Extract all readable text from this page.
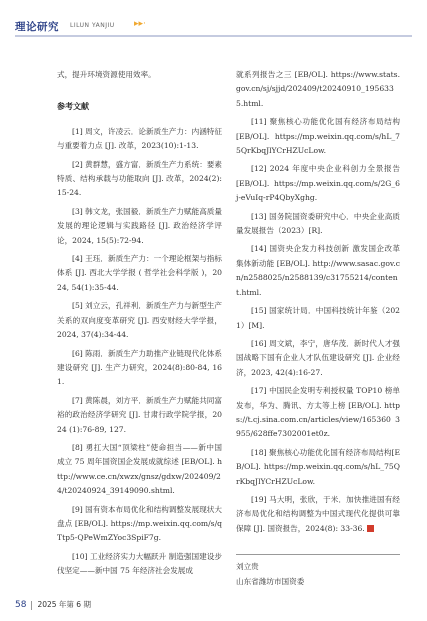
理论研究 LILUN YANJIU ▸▸·

式，提升环境资源使用效率。

参考文献

[1] 周文，许凌云．论新质生产力：内涵特征与重要着力点 [J]. 改革，2023(10):1-13.

[2] 黄群慧，盛方富．新质生产力系统：要素特质、结构承载与功能取向 [J]. 改革，2024(2):15-24.

[3] 韩文龙，张国毅．新质生产力赋能高质量发展的理论逻辑与实践路径 [J]. 政治经济学评论，2024, 15(5):72-94.

[4] 王珏．新质生产力：一个理论框架与指标体系 [J]. 西北大学学报 ( 哲学社会科学版 )，2024, 54(1):35-44.

[5] 刘立云，孔祥利．新质生产力与新型生产关系的双向度变革研究 [J]. 西安财经大学学报，2024, 37(4):34-44.

[6] 陈雨．新质生产力助推产业链现代化体系建设研究 [J]. 生产力研究，2024(8):80-84, 161.

[7] 黄陈晨，刘方平．新质生产力赋能共同富裕的政治经济学研究 [J]. 甘肃行政学院学报，2024 (1):76-89, 127.

[8] 勇扛大国“顶梁柱”使命担当——新中国成立 75 周年国资国企发展成就综述 [EB/OL]. http://www.ce.cn/xwzx/gnsz/gdxw/202409/24/t20240924_39149090.shtml.

[9] 国有资本布局优化和结构调整发展现状大盘点 [EB/OL]. https://mp.weixin.qq.com/s/qTtp5-QPeWmZYoc3SpiF7g.

[10] 工业经济实力大幅跃升 制造强国建设步伐坚定——新中国 75 年经济社会发展成

就系列报告之三 [EB/OL]. https://www.stats.gov.cn/sj/sjjd/202409/t20240910_1956335.html.

[11] 聚焦核心功能优化国有经济布局结构 [EB/OL]. https://mp.weixin.qq.com/s/hL_75QrKbqJlYCrHZUcLow.

[12] 2024 年度中央企业科创力全景报告 [EB/OL]. https://mp.weixin.qq.com/s/2G_6j-eVuIq-rP4QbyXghg.

[13] 国务院国资委研究中心．中央企业高质量发展报告（2023）[R].

[14] 国资央企发力科技创新 激发国企改革集体新动能 [EB/OL]. http://www.sasac.gov.cn/n2588025/n2588139/c31755214/content.html.

[15] 国家统计局．中国科技统计年鉴（2021）[M].

[16] 周文斌，李宁，唐华茂．新时代人才强国战略下国有企业人才队伍建设研究 [J]. 企业经济，2023, 42(4):16-27.

[17] 中国民企发明专利授权量 TOP10 榜单发布，华为、腾讯、方太等上榜 [EB/OL]. https://t.cj.sina.com.cn/articles/view/165360 3955/628ffe7302001et0z.

[18] 聚焦核心功能优化国有经济布局结构[EB/OL]. https://mp.weixin.qq.com/s/hL_75QrKbqJlYCrHZUcLow.

[19] 马大明，张欣，于米．加快推进国有经济布局优化和结构调整为中国式现代化提供可靠保障 [J]. 国资报告，2024(8): 33-36.	▣

刘立贵
山东省潍坊市国资委
58 2025 年第 6 期
